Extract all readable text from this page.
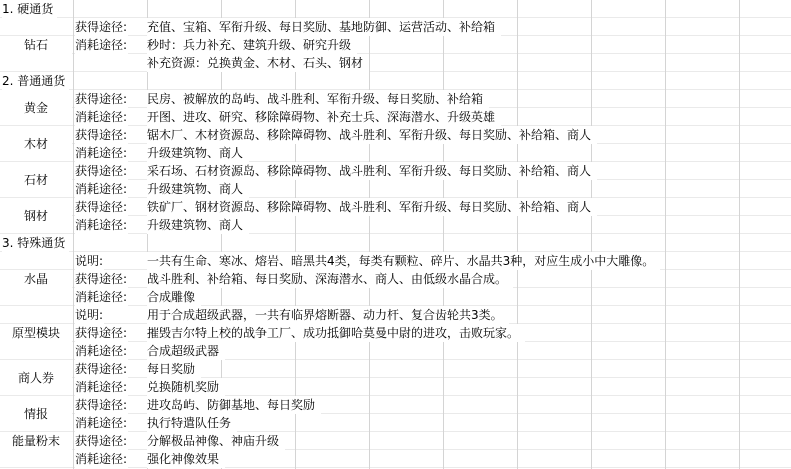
1. 硬通货
钻石
获得途径: 充值、宝箱、军衔升级、每日奖励、基地防御、运营活动、补给箱
消耗途径: 秒时：兵力补充、建筑升级、研究升级
补充资源：兑换黄金、木材、石头、钢材
2. 普通通货
黄金
获得途径: 民房、被解放的岛屿、战斗胜利、军衔升级、每日奖励、补给箱
消耗途径: 开图、进攻、研究、移除障碍物、补充士兵、深海潜水、升级英雄
木材
获得途径: 锯木厂、木材资源岛、移除障碍物、战斗胜利、军衔升级、每日奖励、补给箱、商人
消耗途径: 升级建筑物、商人
石材
获得途径: 采石场、石材资源岛、移除障碍物、战斗胜利、军衔升级、每日奖励、补给箱、商人
消耗途径: 升级建筑物、商人
钢材
获得途径: 铁矿厂、钢材资源岛、移除障碍物、战斗胜利、军衔升级、每日奖励、补给箱、商人
消耗途径: 升级建筑物、商人
3. 特殊通货
水晶
说明:	一共有生命、寒冰、熔岩、暗黑共4类，每类有颗粒、碎片、水晶共3种，对应生成小中大雕像。
获得途径: 战斗胜利、补给箱、每日奖励、深海潜水、商人、由低级水晶合成。
消耗途径: 合成雕像
原型模块
说明:	用于合成超级武器，一共有临界熔断器、动力杆、复合齿轮共3类。
获得途径: 摧毁吉尔特上校的战争工厂、成功抵御哈莫曼中尉的进攻，击败玩家。
消耗途径: 合成超级武器
商人券
获得途径: 每日奖励
消耗途径: 兑换随机奖励
情报
获得途径: 进攻岛屿、防御基地、每日奖励
消耗途径: 执行特遣队任务
能量粉末	获得途径: 分解极品神像、神庙升级
消耗途径: 强化神像效果
